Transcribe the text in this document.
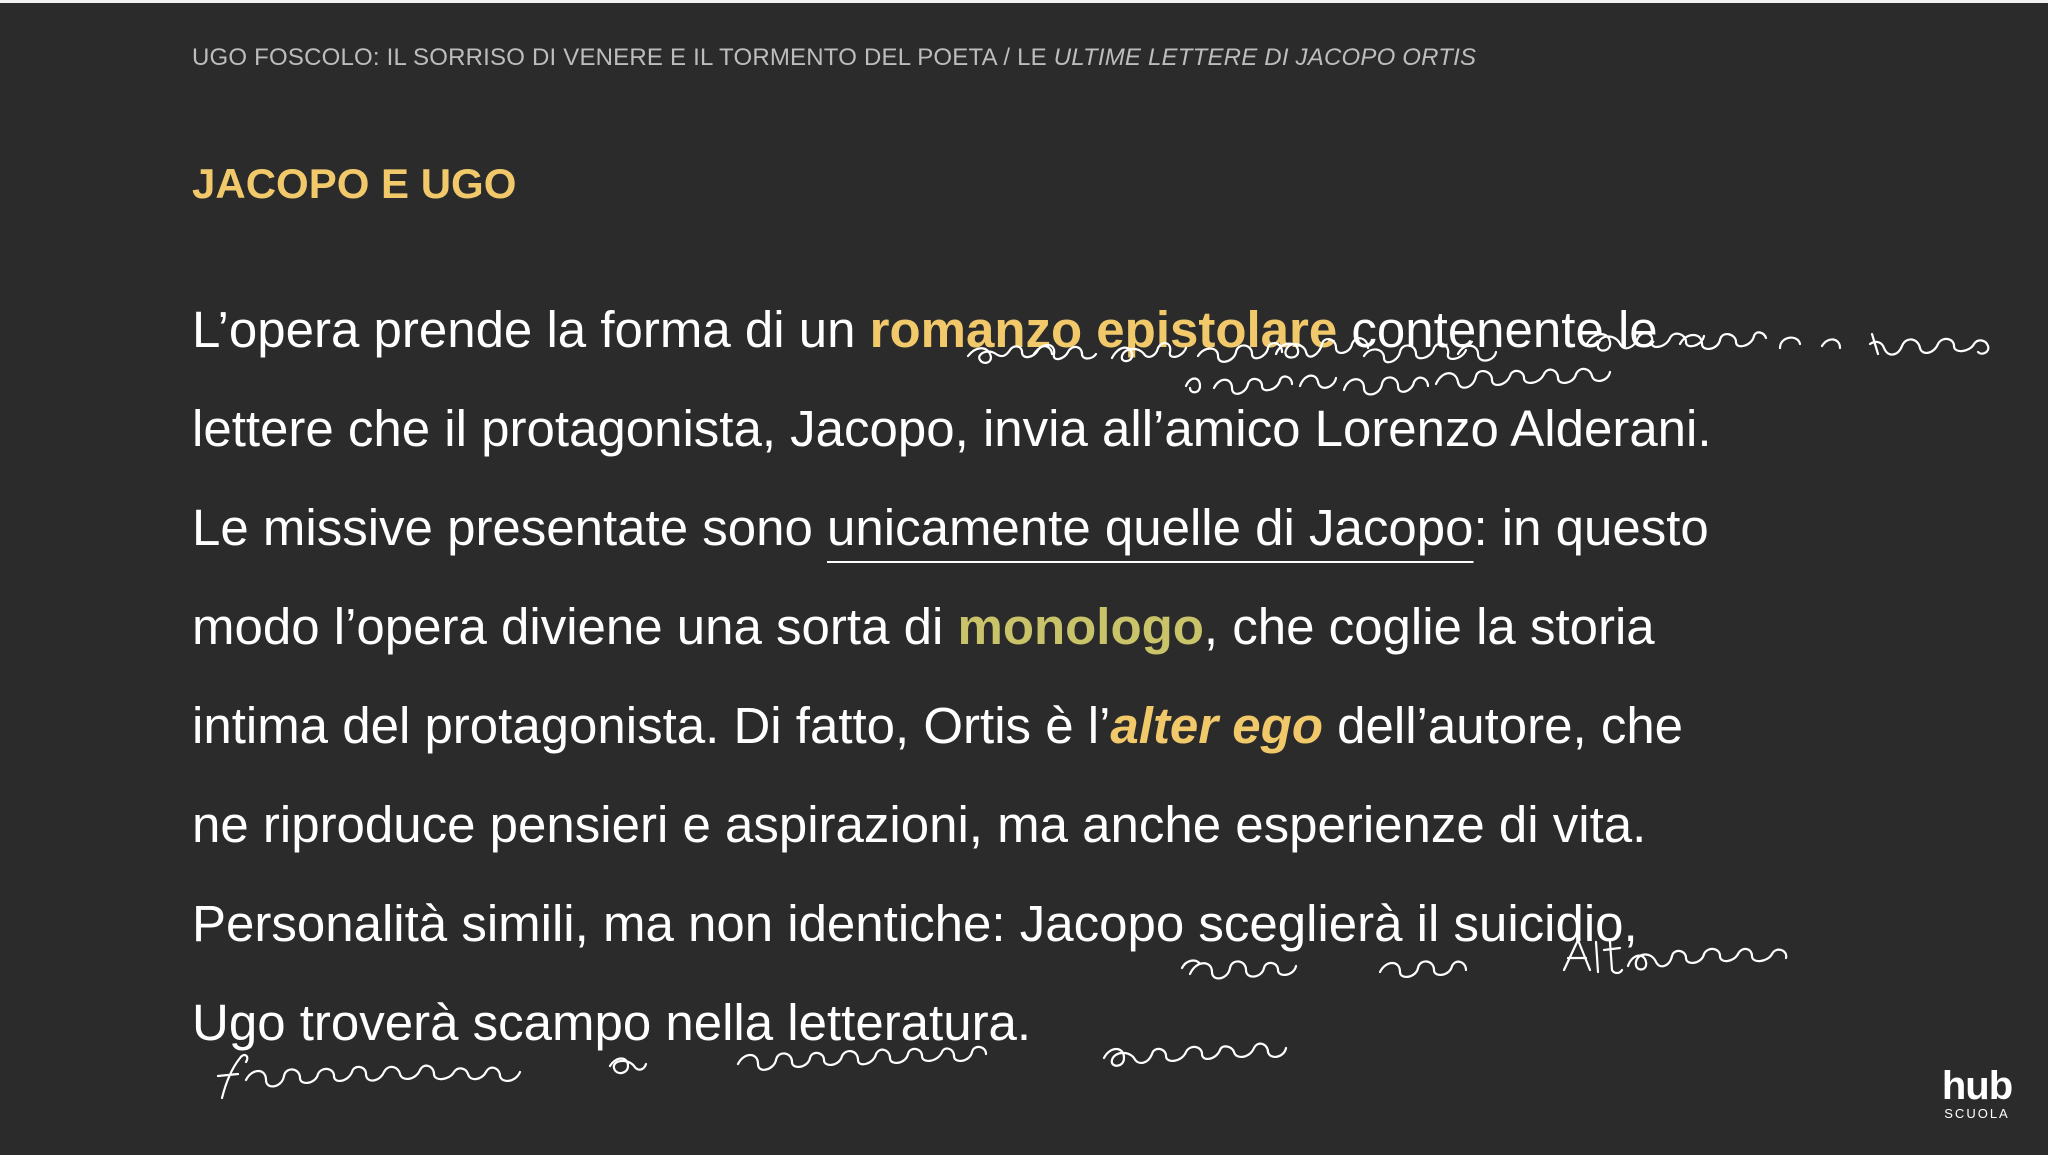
UGO FOSCOLO: IL SORRISO DI VENERE E IL TORMENTO DEL POETA / LE ULTIME LETTERE DI JACOPO ORTIS
JACOPO E UGO
L’opera prende la forma di un romanzo epistolare contenente le
lettere che il protagonista, Jacopo, invia all’amico Lorenzo Alderani.
Le missive presentate sono unicamente quelle di Jacopo: in questo
modo l’opera diviene una sorta di monologo, che coglie la storia
intima del protagonista. Di fatto, Ortis è l’alter ego dell’autore, che
ne riproduce pensieri e aspirazioni, ma anche esperienze di vita.
Personalità simili, ma non identiche: Jacopo sceglierà il suicidio,
Ugo troverà scampo nella letteratura.
hub
SCUOLA
